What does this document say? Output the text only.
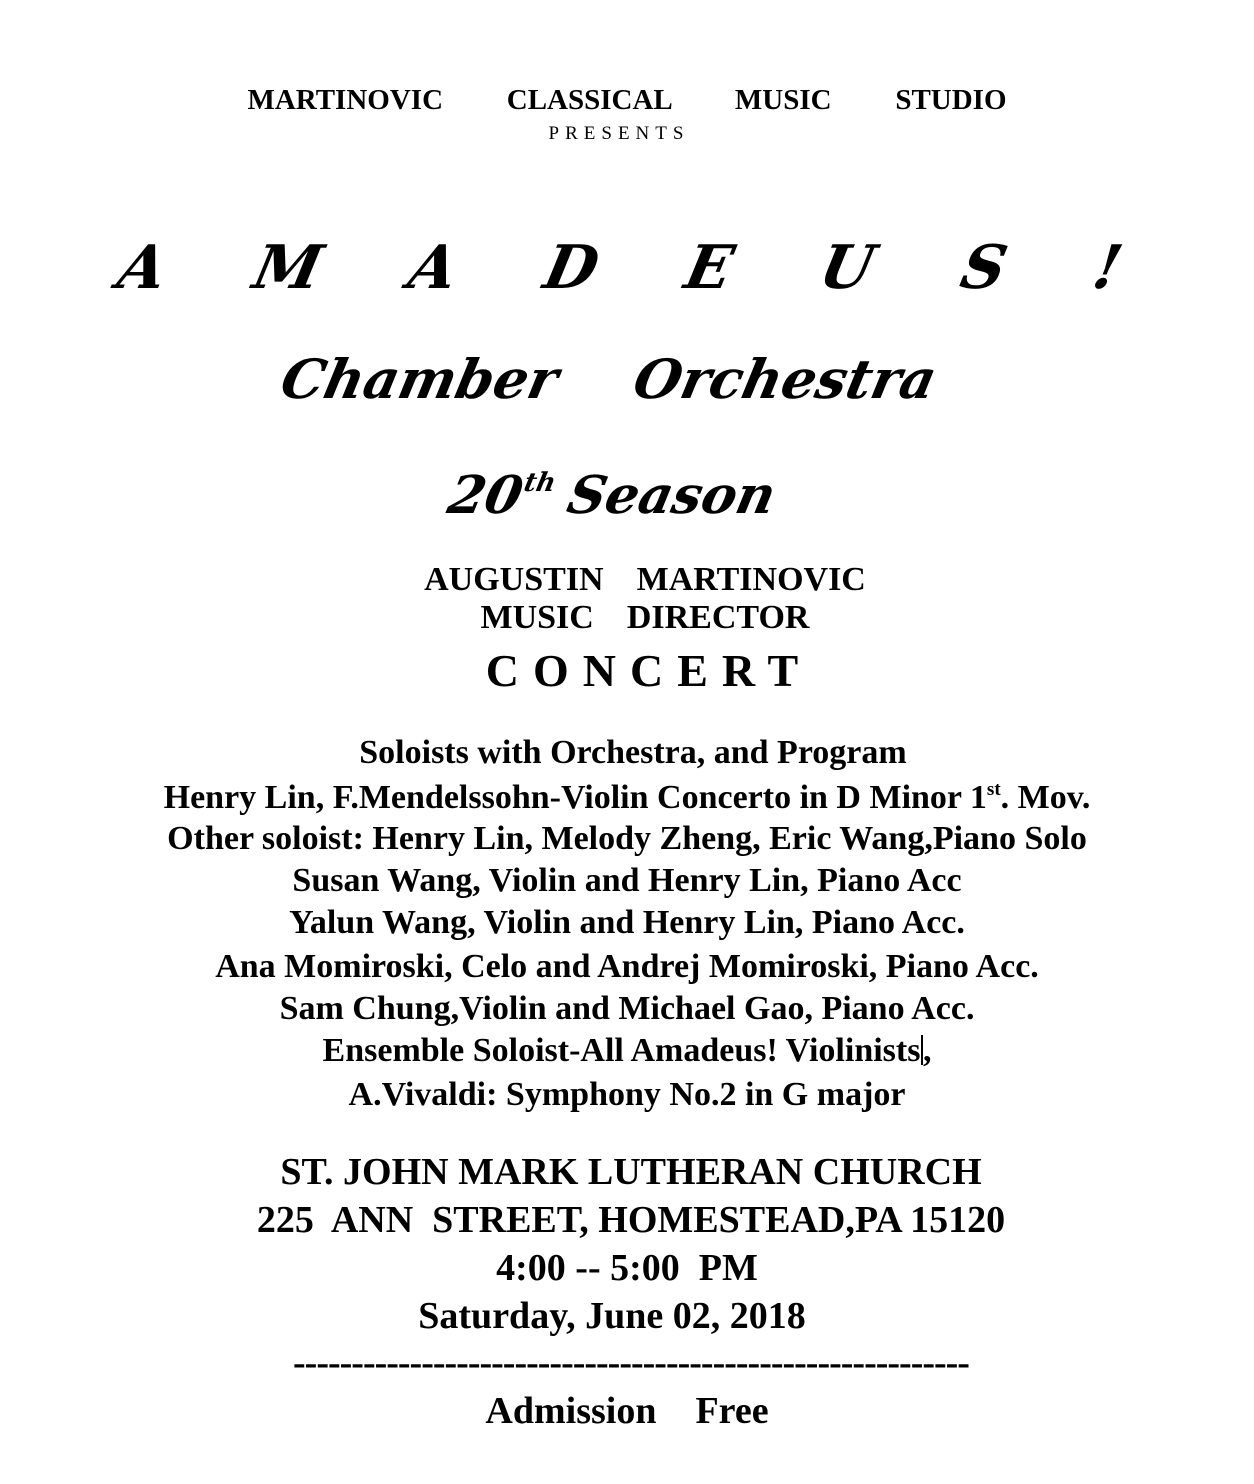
MARTINOVIC   CLASSICAL   MUSIC   STUDIO
PRESENTS
A M A D E U S !
Chamber  Orchestra
20thSeason
AUGUSTIN  MARTINOVIC
MUSIC  DIRECTOR
CONCERT
Soloists with Orchestra, and Program
Henry Lin, F.Mendelssohn-Violin Concerto in D Minor 1st. Mov.
Other soloist: Henry Lin, Melody Zheng, Eric Wang,Piano Solo
Susan Wang, Violin and Henry Lin, Piano Acc
Yalun Wang, Violin and Henry Lin, Piano Acc.
Ana Momiroski, Celo and Andrej Momiroski, Piano Acc.
Sam Chung,Violin and Michael Gao, Piano Acc.
Ensemble Soloist-All Amadeus! Violinists,
A.Vivaldi: Symphony No.2 in G major
ST. JOHN MARK LUTHERAN CHURCH
225  ANN  STREET, HOMESTEAD,PA 15120
4:00 -- 5:00  PM
Saturday, June 02, 2018
----------------------------------------------------------
Admission  Free
